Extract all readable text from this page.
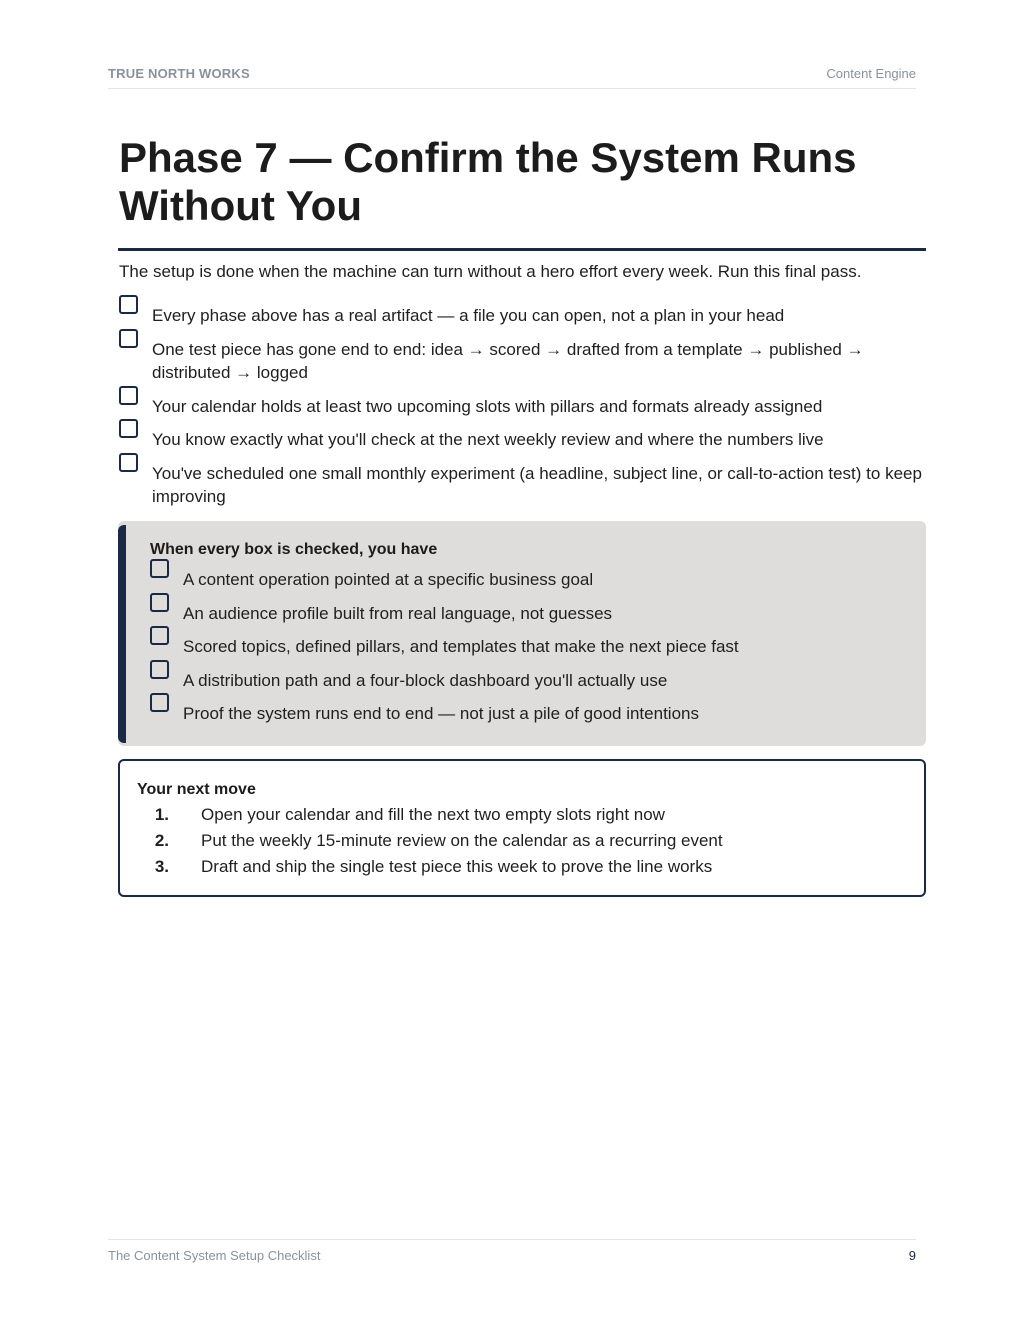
TRUE NORTH WORKS	Content Engine
Phase 7 — Confirm the System Runs Without You

The setup is done when the machine can turn without a hero effort every week. Run this final pass.

Every phase above has a real artifact — a file you can open, not a plan in your head
One test piece has gone end to end: idea → scored → drafted from a template → published → distributed → logged
Your calendar holds at least two upcoming slots with pillars and formats already assigned
You know exactly what you'll check at the next weekly review and where the numbers live
You've scheduled one small monthly experiment (a headline, subject line, or call-to-action test) to keep improving
When every box is checked, you have
A content operation pointed at a specific business goal
An audience profile built from real language, not guesses
Scored topics, defined pillars, and templates that make the next piece fast
A distribution path and a four-block dashboard you'll actually use
Proof the system runs end to end — not just a pile of good intentions
Your next move
1. Open your calendar and fill the next two empty slots right now
2. Put the weekly 15-minute review on the calendar as a recurring event
3. Draft and ship the single test piece this week to prove the line works
The Content System Setup Checklist	9
